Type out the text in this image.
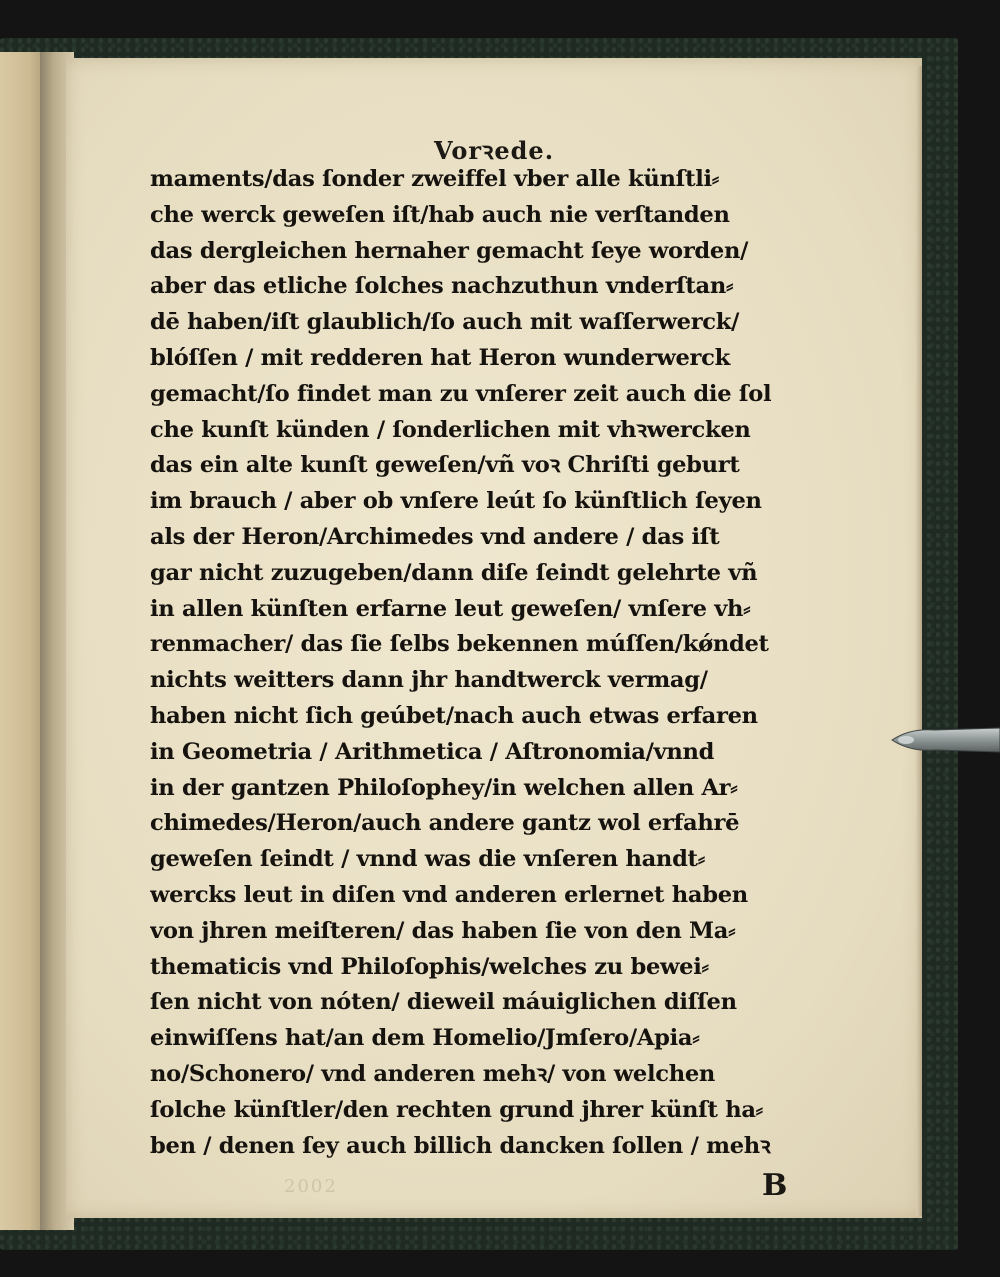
Vorꝛede.
maments/das ſonder zweiffel vber alle künſtli⸗
che werck geweſen iſt/hab auch nie verſtanden
das dergleichen hernaher gemacht ſeye worden/
aber das etliche ſolches nachzuthun vnderſtan⸗
dē haben/iſt glaublich/ſo auch mit waſſerwerck/
blóſſen / mit redderen hat Heron wunderwerck
gemacht/ſo findet man zu vnſerer zeit auch die ſol
che kunſt künden / ſonderlichen mit vhꝛwercken
das ein alte kunſt geweſen/vñ voꝛ Chriſti geburt
im brauch / aber ob vnſere leút ſo künſtlich ſeyen
als der Heron/Archimedes vnd andere / das iſt
gar nicht zuzugeben/dann diſe ſeindt gelehrte vñ
in allen künſten erfarne leut geweſen/ vnſere vh⸗
renmacher/ das ſie ſelbs bekennen múſſen/kǿndet
nichts weitters dann jhr handtwerck vermag/
haben nicht ſich geúbet/nach auch etwas erfaren
in Geometria / Arithmetica / Aſtronomia/vnnd
in der gantzen Philoſophey/in welchen allen Ar⸗
chimedes/Heron/auch andere gantz wol erfahrē
geweſen ſeindt / vnnd was die vnſeren handt⸗
wercks leut in diſen vnd anderen erlernet haben
von jhren meiſteren/ das haben ſie von den Ma⸗
thematicis vnd Philoſophis/welches zu bewei⸗
ſen nicht von nóten/ dieweil máuiglichen diſſen
einwiſſens hat/an dem Homelio/Jmſero/Apia⸗
no/Schonero/ vnd anderen mehꝛ/ von welchen
ſolche künſtler/den rechten grund jhrer künſt ha⸗
ben / denen ſey auch billich dancken ſollen / mehꝛ
2002	B
